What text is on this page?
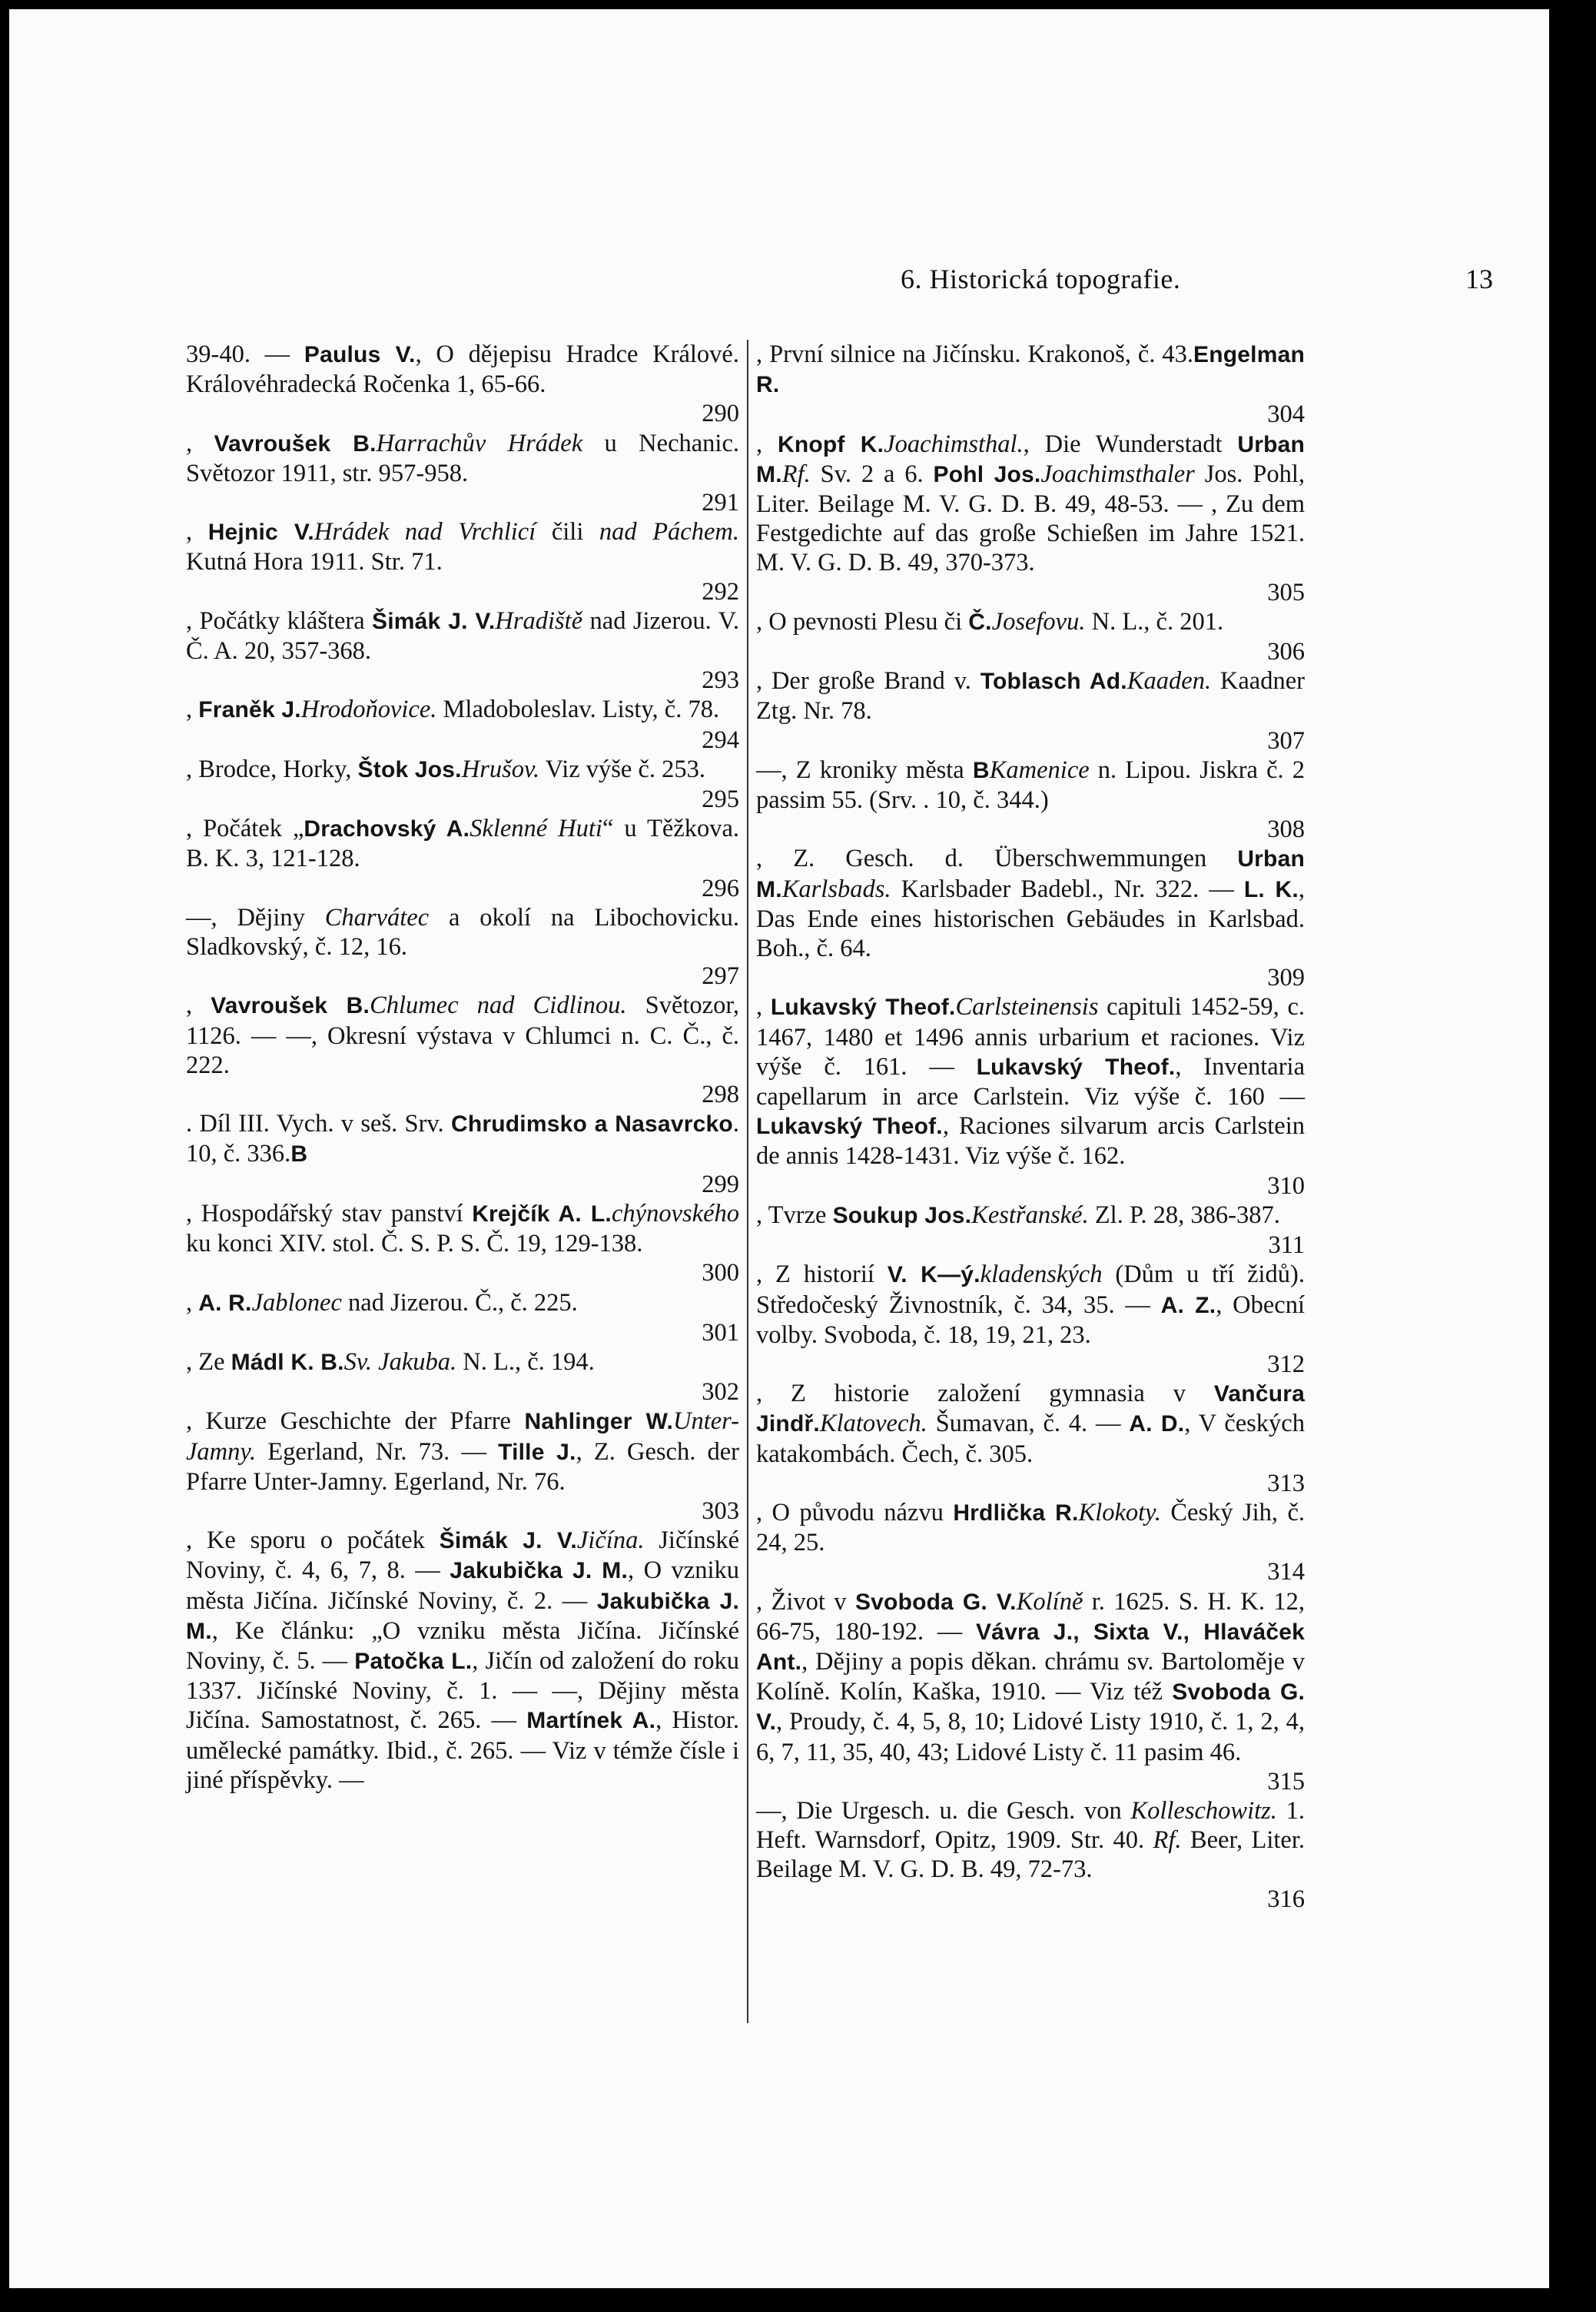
6. Historická topografie.	13

39-40. — Paulus V., O dějepisu Hradce Králové. Královéhradecká Ročenka 1, 65-66.
290

, Vavroušek B.Harrachův Hrádek u Nechanic. Světozor 1911, str. 957-958.
291

, Hejnic V.Hrádek nad Vrchlicí čili nad Páchem. Kutná Hora 1911. Str. 71.
292

, Počátky kláštera Šimák J. V.Hradiště nad Jizerou. V. Č. A. 20, 357-368.
293

, Franěk J.Hrodoňovice. Mladoboleslav. Listy, č. 78.
294

, Brodce, Horky, Štok Jos.Hrušov. Viz výše č. 253.
295

, Počátek „Drachovský A.Sklenné Huti“ u Těžkova. B. K. 3, 121-128.
296

—, Dějiny Charvátec a okolí na Libochovicku. Sladkovský, č. 12, 16.
297

, Vavroušek B.Chlumec nad Cidlinou. Světozor, 1126. — —, Okresní výstava v Chlumci n. C. Č., č. 222.
298

. Díl III. Vych. v seš. Srv. Chrudimsko a Nasavrcko. 10, č. 336.B
299

, Hospodářský stav panství Krejčík A. L.chýnovského ku konci XIV. stol. Č. S. P. S. Č. 19, 129-138.
300

, A. R.Jablonec nad Jizerou. Č., č. 225.
301

, Ze Mádl K. B.Sv. Jakuba. N. L., č. 194.
302

, Kurze Geschichte der Pfarre Nahlinger W.Unter-Jamny. Egerland, Nr. 73. — Tille J., Z. Gesch. der Pfarre Unter-Jamny. Egerland, Nr. 76.
303

, Ke sporu o počátek Šimák J. V.Jičína. Jičínské Noviny, č. 4, 6, 7, 8. — Jakubička J. M., O vzniku města Jičína. Jičínské Noviny, č. 2. — Jakubička J. M., Ke článku: „O vzniku města Jičína. Jičínské Noviny, č. 5. — Patočka L., Jičín od založení do roku 1337. Jičínské Noviny, č. 1. — —, Dějiny města Jičína. Samostatnost, č. 265. — Martínek A., Histor. umělecké památky. Ibid., č. 265. — Viz v témže čísle i jiné příspěvky. —

, První silnice na Jičínsku. Krakonoš, č. 43.Engelman R.
304

, Knopf K.Joachimsthal., Die Wunderstadt Urban M.Rf. Sv. 2 a 6. Pohl Jos.Joachimsthaler Jos. Pohl, Liter. Beilage M. V. G. D. B. 49, 48-53. — , Zu dem Festgedichte auf das große Schießen im Jahre 1521. M. V. G. D. B. 49, 370-373.
305

, O pevnosti Plesu či Č.Josefovu. N. L., č. 201.
306

, Der große Brand v. Toblasch Ad.Kaaden. Kaadner Ztg. Nr. 78.
307

—, Z kroniky města BKamenice n. Lipou. Jiskra č. 2 passim 55. (Srv. . 10, č. 344.)
308

, Z. Gesch. d. Überschwemmungen Urban M.Karlsbads. Karlsbader Badebl., Nr. 322. — L. K., Das Ende eines historischen Gebäudes in Karlsbad. Boh., č. 64.
309

, Lukavský Theof.Carlsteinensis capituli 1452-59, c. 1467, 1480 et 1496 annis urbarium et raciones. Viz výše č. 161. — Lukavský Theof., Inventaria capellarum in arce Carlstein. Viz výše č. 160 — Lukavský Theof., Raciones silvarum arcis Carlstein de annis 1428-1431. Viz výše č. 162.
310

, Tvrze Soukup Jos.Kestřanské. Zl. P. 28, 386-387.
311

, Z historií V. K—ý.kladenských (Dům u tří židů). Středočeský Živnostník, č. 34, 35. — A. Z., Obecní volby. Svoboda, č. 18, 19, 21, 23.
312

, Z historie založení gymnasia v Vančura Jindř.Klatovech. Šumavan, č. 4. — A. D., V českých katakombách. Čech, č. 305.
313

, O původu názvu Hrdlička R.Klokoty. Český Jih, č. 24, 25.
314

, Život v Svoboda G. V.Kolíně r. 1625. S. H. K. 12, 66-75, 180-192. — Vávra J., Sixta V., Hlaváček Ant., Dějiny a popis děkan. chrámu sv. Bartoloměje v Kolíně. Kolín, Kaška, 1910. — Viz též Svoboda G. V., Proudy, č. 4, 5, 8, 10; Lidové Listy 1910, č. 1, 2, 4, 6, 7, 11, 35, 40, 43; Lidové Listy č. 11 pasim 46.
315

—, Die Urgesch. u. die Gesch. von Kolleschowitz. 1. Heft. Warnsdorf, Opitz, 1909. Str. 40. Rf. Beer, Liter. Beilage M. V. G. D. B. 49, 72-73.
316
